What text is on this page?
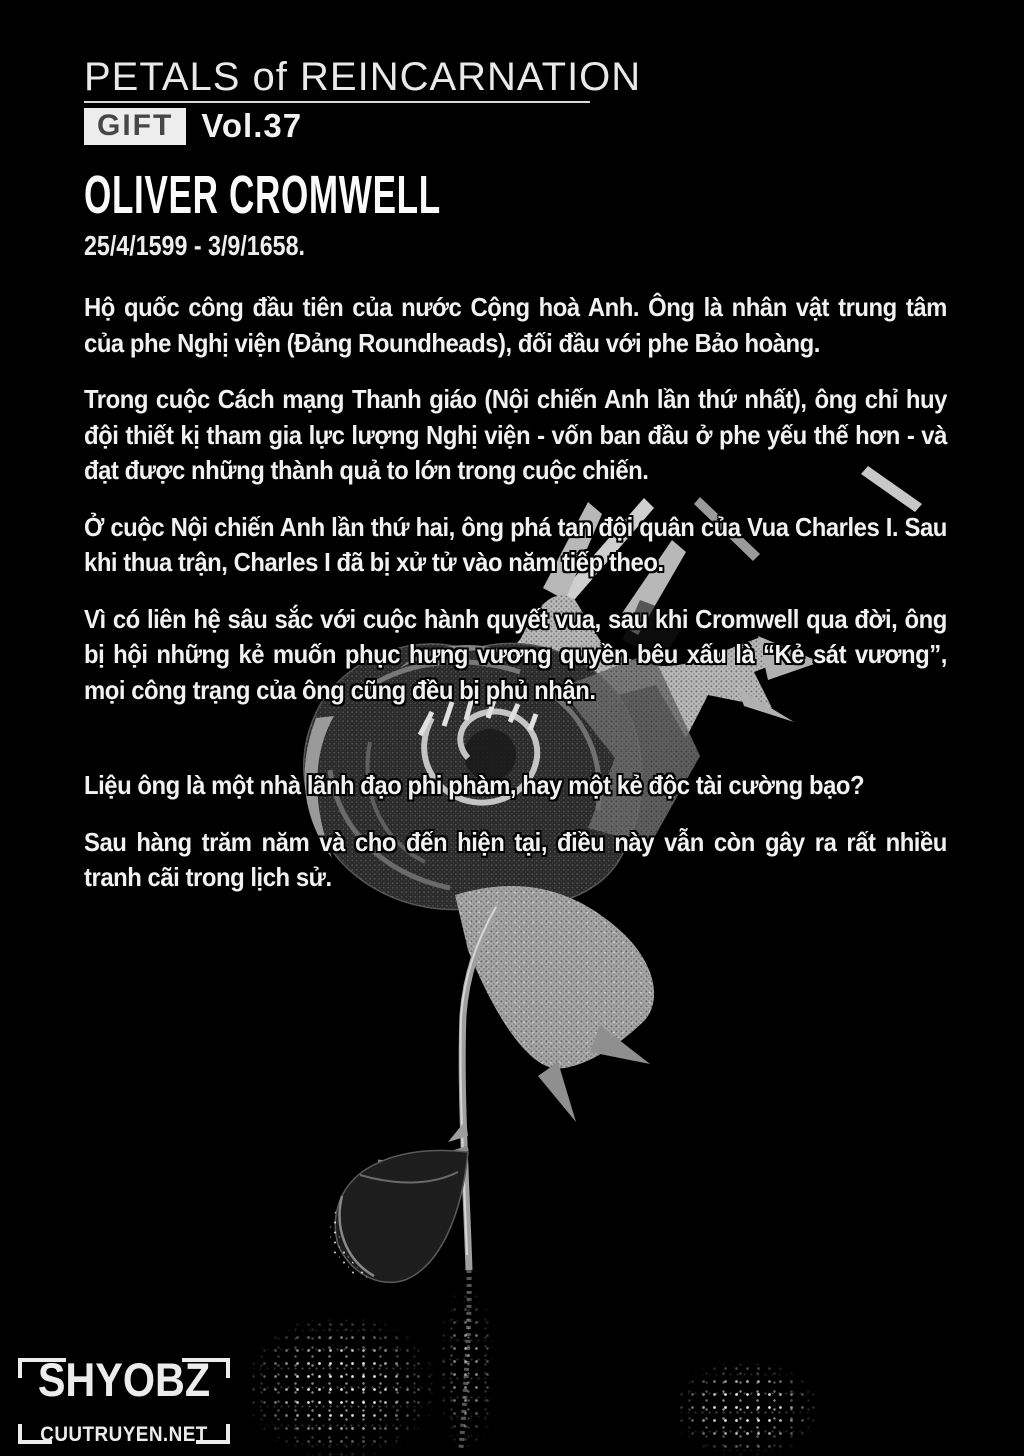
PETALS of REINCARNATION
GIFT Vol.37
OLIVER CROMWELL
25/4/1599 - 3/9/1658.

Hộ quốc công đầu tiên của nước Cộng hoà Anh. Ông là nhân vật trung tâm của phe Nghị viện (Đảng Roundheads), đối đầu với phe Bảo hoàng.

Trong cuộc Cách mạng Thanh giáo (Nội chiến Anh lần thứ nhất), ông chỉ huy đội thiết kị tham gia lực lượng Nghị viện - vốn ban đầu ở phe yếu thế hơn - và đạt được những thành quả to lớn trong cuộc chiến.

Ở cuộc Nội chiến Anh lần thứ hai, ông phá tan đội quân của Vua Charles I. Sau khi thua trận, Charles I đã bị xử tử vào năm tiếp theo.

Vì có liên hệ sâu sắc với cuộc hành quyết vua, sau khi Cromwell qua đời, ông bị hội những kẻ muốn phục hưng vương quyền bêu xấu là “Kẻ sát vương”, mọi công trạng của ông cũng đều bị phủ nhận.

Liệu ông là một nhà lãnh đạo phi phàm, hay một kẻ độc tài cường bạo?

Sau hàng trăm năm và cho đến hiện tại, điều này vẫn còn gây ra rất nhiều tranh cãi trong lịch sử.

SHYOBZ
CUUTRUYEN.NET
